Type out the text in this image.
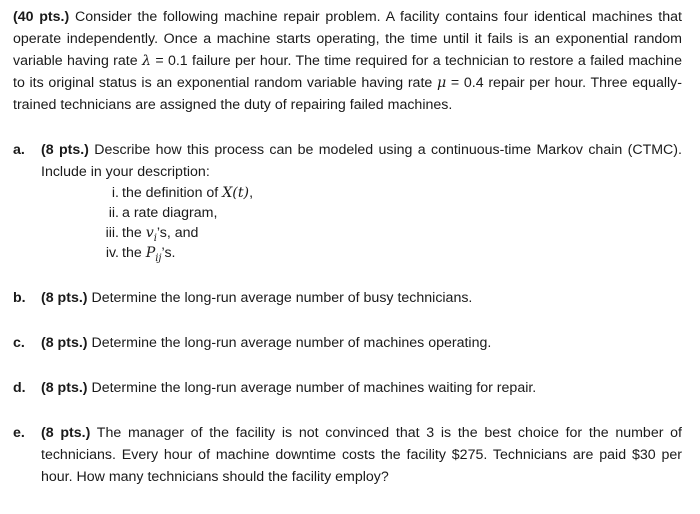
(40 pts.) Consider the following machine repair problem. A facility contains four identical machines that operate independently. Once a machine starts operating, the time until it fails is an exponential random variable having rate λ = 0.1 failure per hour. The time required for a technician to restore a failed machine to its original status is an exponential random variable having rate μ = 0.4 repair per hour. Three equally-trained technicians are assigned the duty of repairing failed machines.

a. (8 pts.) Describe how this process can be modeled using a continuous-time Markov chain (CTMC). Include in your description:

i. the definition of X(t),
ii. a rate diagram,
iii. the $v_i’s$, and
iv. the $P_{ij}’s$.
b. (8 pts.) Determine the long-run average number of busy technicians.

c. (8 pts.) Determine the long-run average number of machines operating.

d. (8 pts.) Determine the long-run average number of machines waiting for repair.

e. (8 pts.) The manager of the facility is not convinced that 3 is the best choice for the number of technicians. Every hour of machine downtime costs the facility $275. Technicians are paid $30 per hour. How many technicians should the facility employ?
